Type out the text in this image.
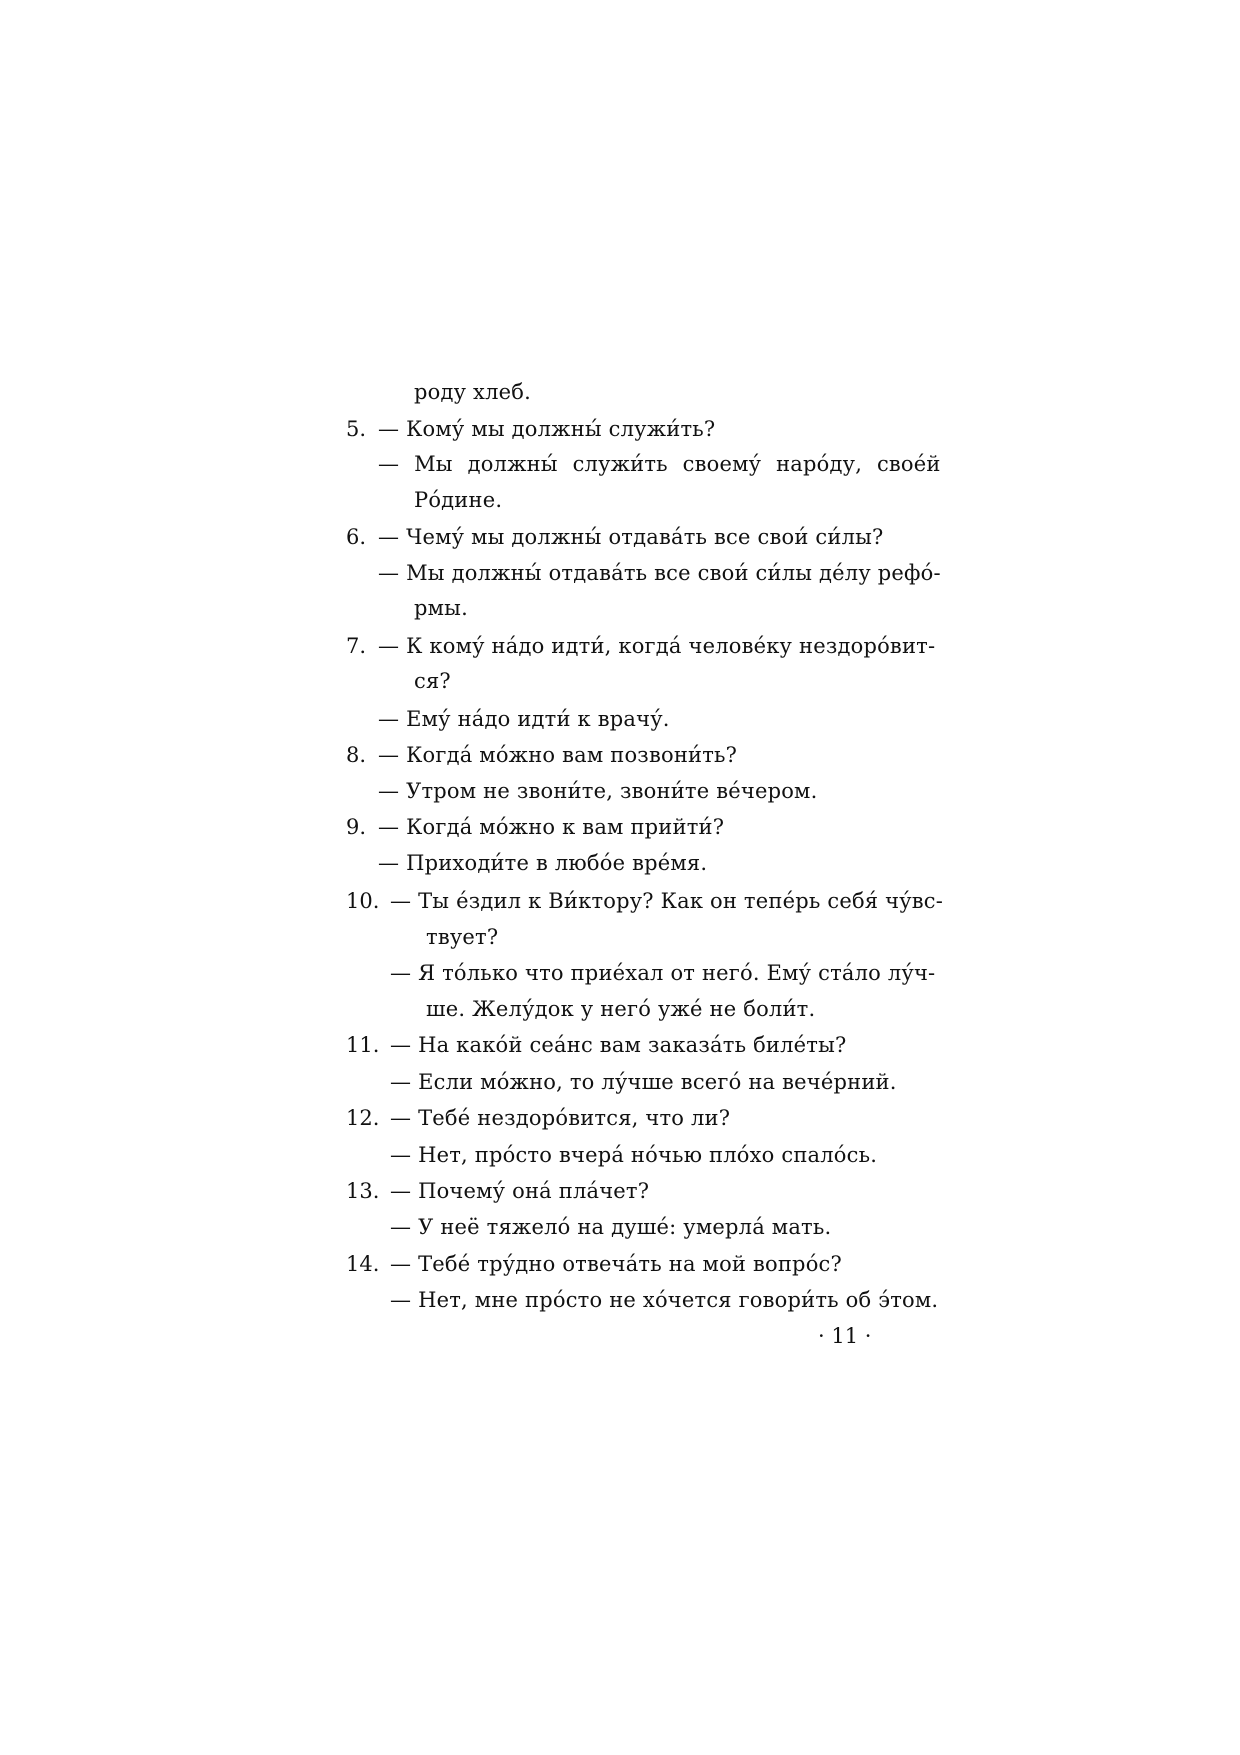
роду хлеб.
5. — Кому́ мы должны́ служи́ть?
— Мы должны́ служи́ть своему́ наро́ду, свое́й
Ро́дине.
6. — Чему́ мы должны́ отдава́ть все свои́ си́лы?
— Мы должны́ отдава́ть все свои́ си́лы де́лу рефо́-
рмы.
7. — К кому́ на́до идти́, когда́ челове́ку нездоро́вит-
ся?
— Ему́ на́до идти́ к врачу́.
8. — Когда́ мо́жно вам позвони́ть?
— Утром не звони́те, звони́те ве́чером.
9. — Когда́ мо́жно к вам прийти́?
— Приходи́те в любо́е вре́мя.
10. — Ты е́здил к Ви́ктору? Как он тепе́рь себя́ чу́вс-
твует?
— Я то́лько что прие́хал от него́. Ему́ ста́ло лу́ч-
ше. Желу́док у него́ уже́ не боли́т.
11. — На како́й сеа́нс вам заказа́ть биле́ты?
— Если мо́жно, то лу́чше всего́ на вече́рний.
12. — Тебе́ нездоро́вится, что ли?
— Нет, про́сто вчера́ но́чью пло́хо спало́сь.
13. — Почему́ она́ пла́чет?
— У неё тяжело́ на душе́: умерла́ мать.
14. — Тебе́ тру́дно отвеча́ть на мой вопро́с?
— Нет, мне про́сто не хо́чется говори́ть об э́том.
· 11 ·
